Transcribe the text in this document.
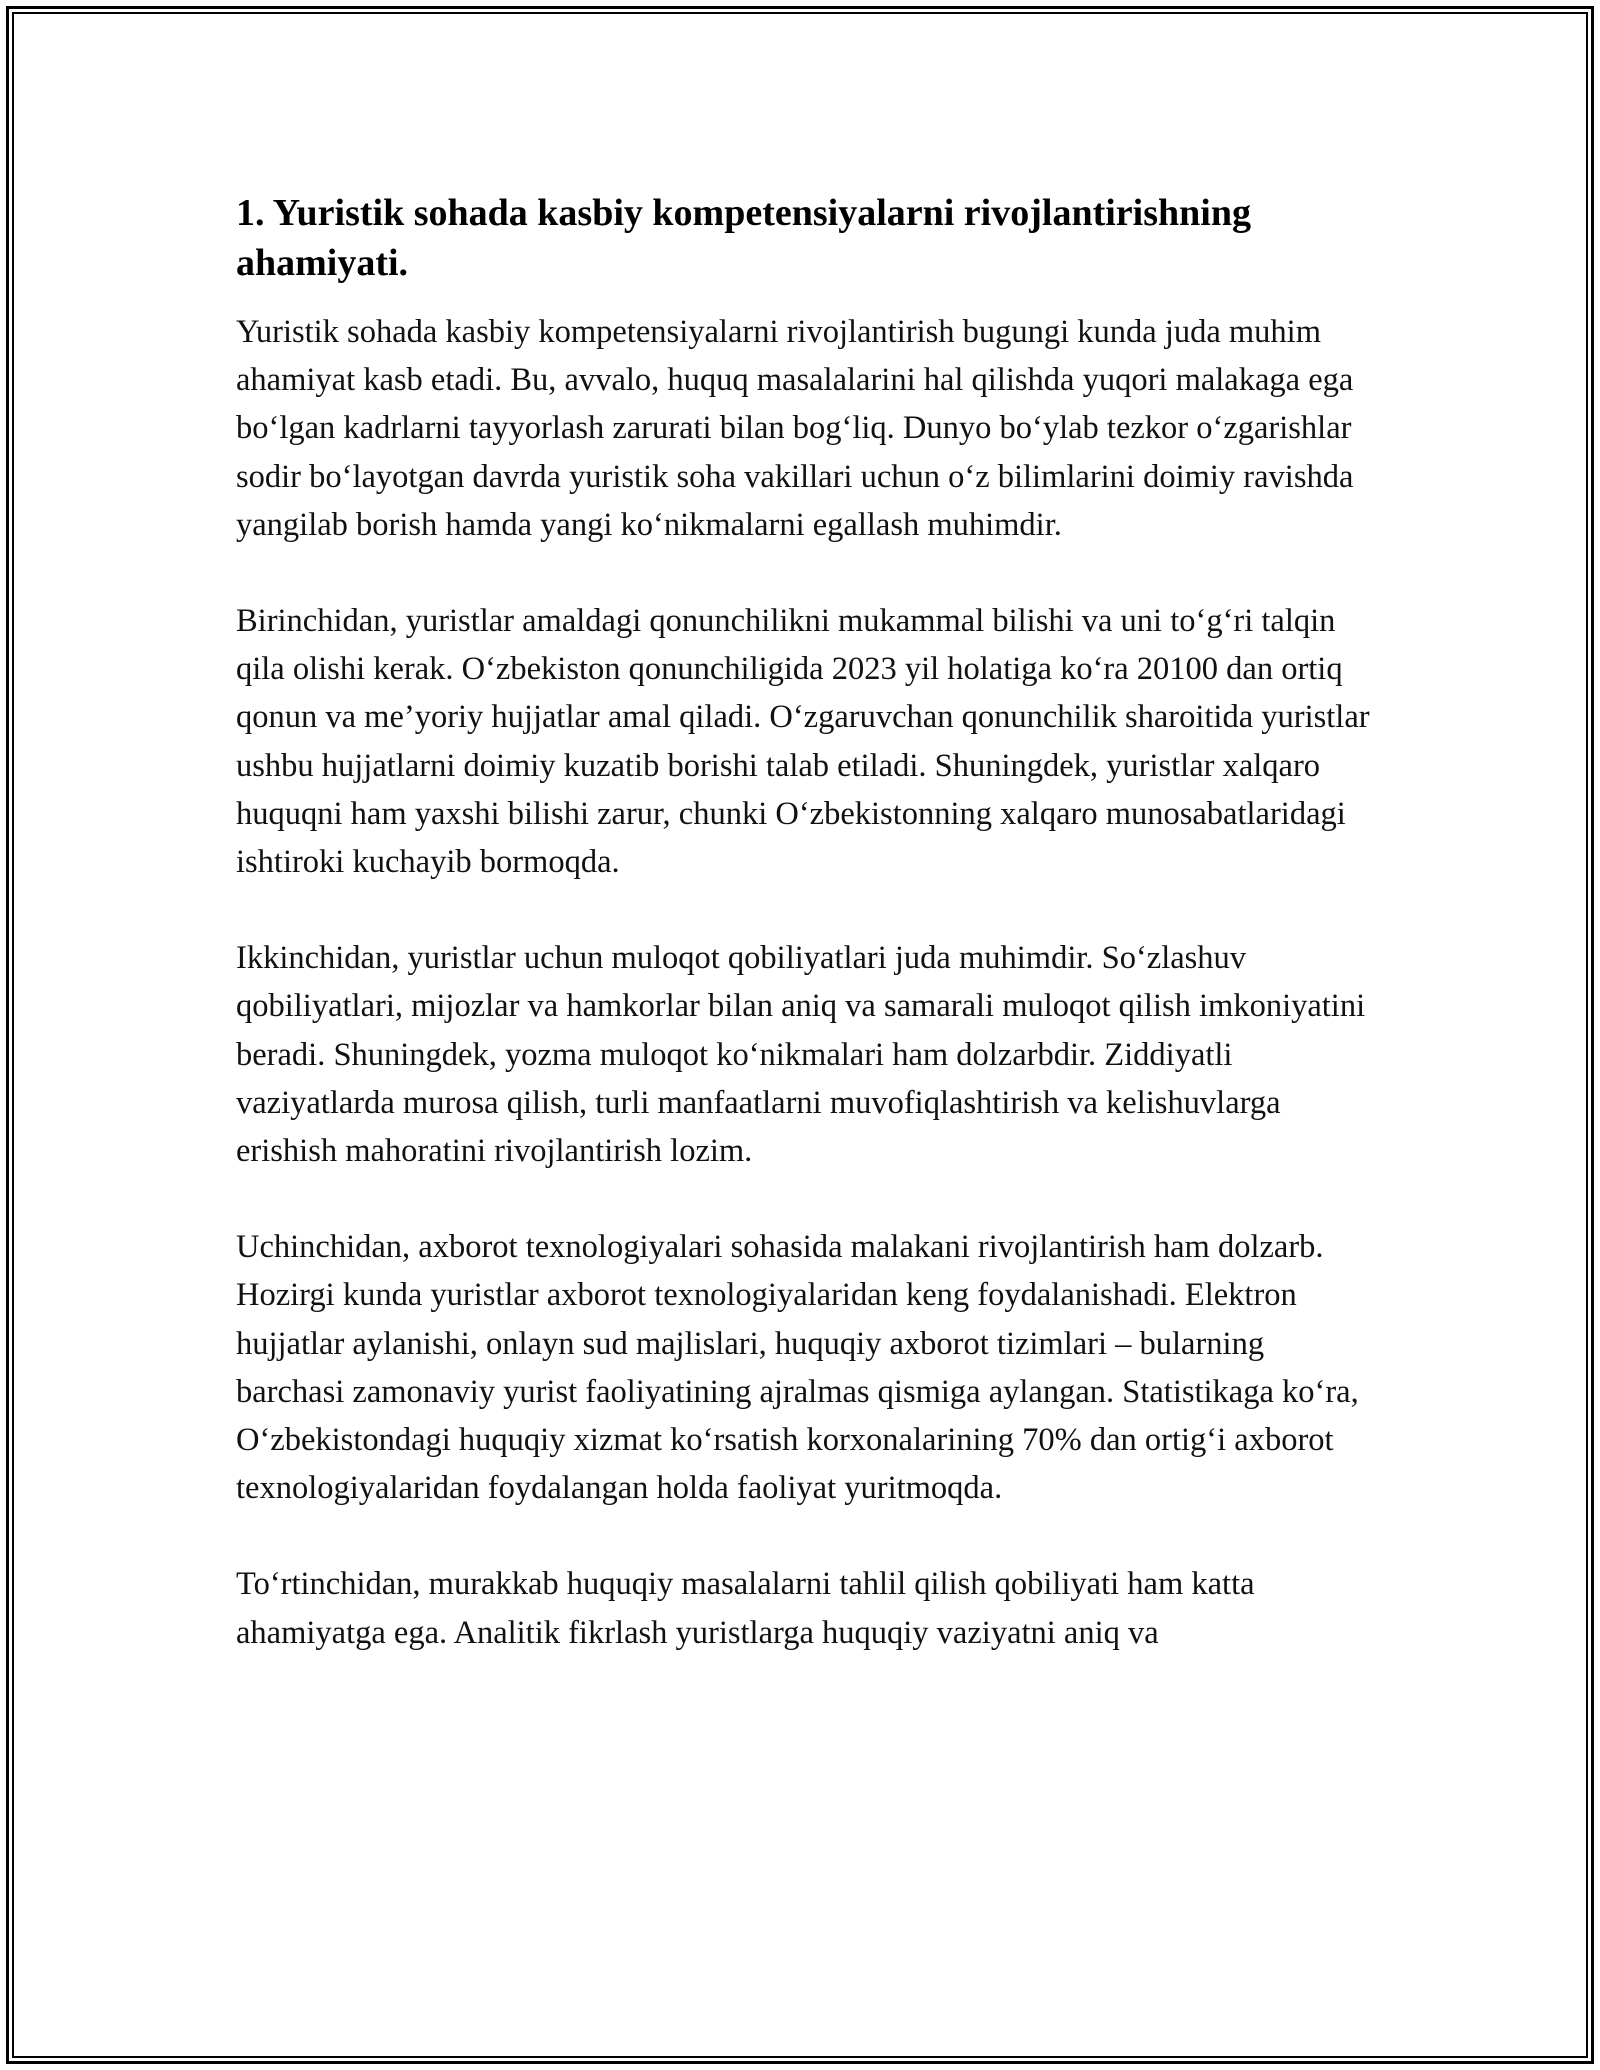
1. Yuristik sohada kasbiy kompetensiyalarni rivojlantirishning ahamiyati.

Yuristik sohada kasbiy kompetensiyalarni rivojlantirish bugungi kunda juda muhim ahamiyat kasb etadi. Bu, avvalo, huquq masalalarini hal qilishda yuqori malakaga ega bo‘lgan kadrlarni tayyorlash zarurati bilan bog‘liq. Dunyo bo‘ylab tezkor o‘zgarishlar sodir bo‘layotgan davrda yuristik soha vakillari uchun o‘z bilimlarini doimiy ravishda yangilab borish hamda yangi ko‘nikmalarni egallash muhimdir.

Birinchidan, yuristlar amaldagi qonunchilikni mukammal bilishi va uni to‘g‘ri talqin qila olishi kerak. O‘zbekiston qonunchiligida 2023 yil holatiga ko‘ra 20100 dan ortiq qonun va me’yoriy hujjatlar amal qiladi. O‘zgaruvchan qonunchilik sharoitida yuristlar ushbu hujjatlarni doimiy kuzatib borishi talab etiladi. Shuningdek, yuristlar xalqaro huquqni ham yaxshi bilishi zarur, chunki O‘zbekistonning xalqaro munosabatlaridagi ishtiroki kuchayib bormoqda.

Ikkinchidan, yuristlar uchun muloqot qobiliyatlari juda muhimdir. So‘zlashuv qobiliyatlari, mijozlar va hamkorlar bilan aniq va samarali muloqot qilish imkoniyatini beradi. Shuningdek, yozma muloqot ko‘nikmalari ham dolzarbdir. Ziddiyatli vaziyatlarda murosa qilish, turli manfaatlarni muvofiqlashtirish va kelishuvlarga erishish mahoratini rivojlantirish lozim.

Uchinchidan, axborot texnologiyalari sohasida malakani rivojlantirish ham dolzarb. Hozirgi kunda yuristlar axborot texnologiyalaridan keng foydalanishadi. Elektron hujjatlar aylanishi, onlayn sud majlislari, huquqiy axborot tizimlari – bularning barchasi zamonaviy yurist faoliyatining ajralmas qismiga aylangan. Statistikaga ko‘ra, O‘zbekistondagi huquqiy xizmat ko‘rsatish korxonalarining 70% dan ortig‘i axborot texnologiyalaridan foydalangan holda faoliyat yuritmoqda.

To‘rtinchidan, murakkab huquqiy masalalarni tahlil qilish qobiliyati ham katta ahamiyatga ega. Analitik fikrlash yuristlarga huquqiy vaziyatni aniq va
